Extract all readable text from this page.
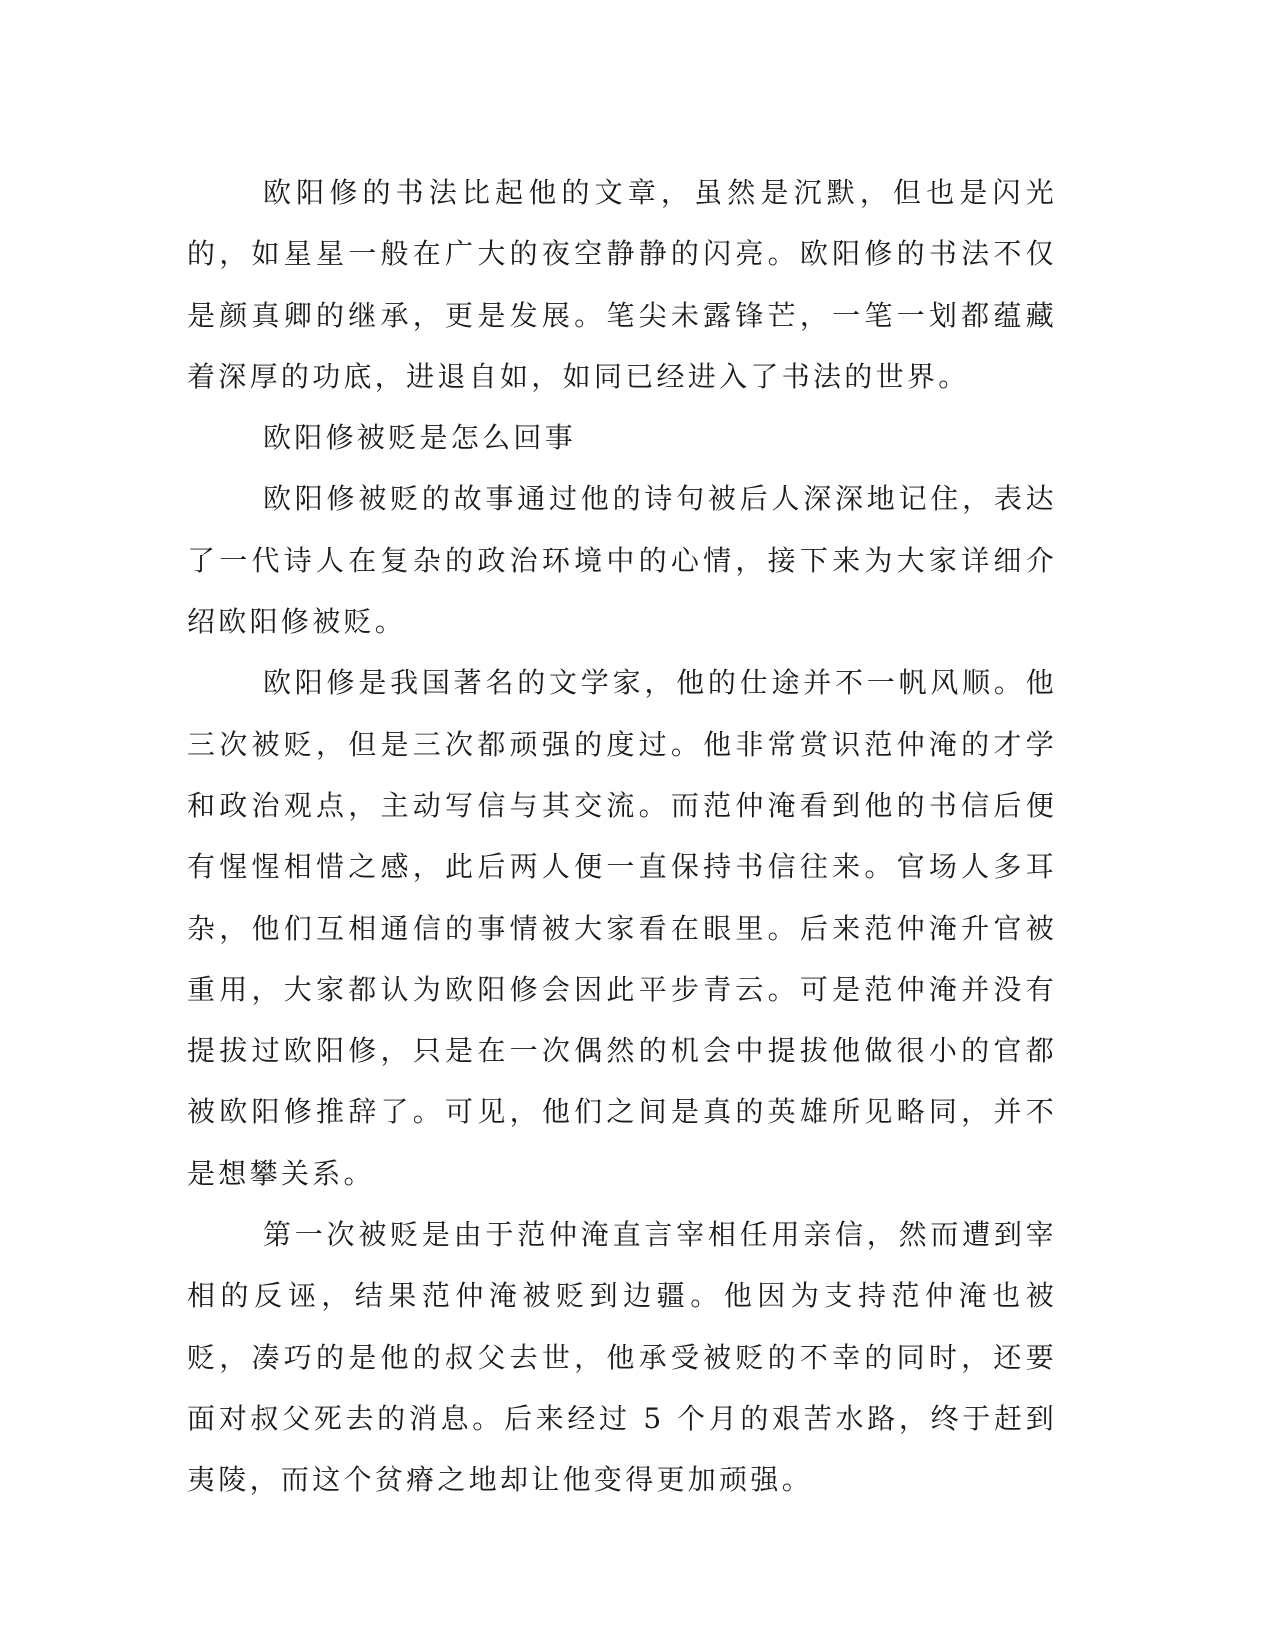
欧阳修的书法比起他的文章，虽然是沉默，但也是闪光的，如星星一般在广大的夜空静静的闪亮。欧阳修的书法不仅是颜真卿的继承，更是发展。笔尖未露锋芒，一笔一划都蕴藏着深厚的功底，进退自如，如同已经进入了书法的世界。

欧阳修被贬是怎么回事

欧阳修被贬的故事通过他的诗句被后人深深地记住，表达了一代诗人在复杂的政治环境中的心情，接下来为大家详细介绍欧阳修被贬。

欧阳修是我国著名的文学家，他的仕途并不一帆风顺。他三次被贬，但是三次都顽强的度过。他非常赏识范仲淹的才学和政治观点，主动写信与其交流。而范仲淹看到他的书信后便有惺惺相惜之感，此后两人便一直保持书信往来。官场人多耳杂，他们互相通信的事情被大家看在眼里。后来范仲淹升官被重用，大家都认为欧阳修会因此平步青云。可是范仲淹并没有提拔过欧阳修，只是在一次偶然的机会中提拔他做很小的官都被欧阳修推辞了。可见，他们之间是真的英雄所见略同，并不是想攀关系。

第一次被贬是由于范仲淹直言宰相任用亲信，然而遭到宰相的反诬，结果范仲淹被贬到边疆。他因为支持范仲淹也被贬，凑巧的是他的叔父去世，他承受被贬的不幸的同时，还要面对叔父死去的消息。后来经过 5 个月的艰苦水路，终于赶到夷陵，而这个贫瘠之地却让他变得更加顽强。
